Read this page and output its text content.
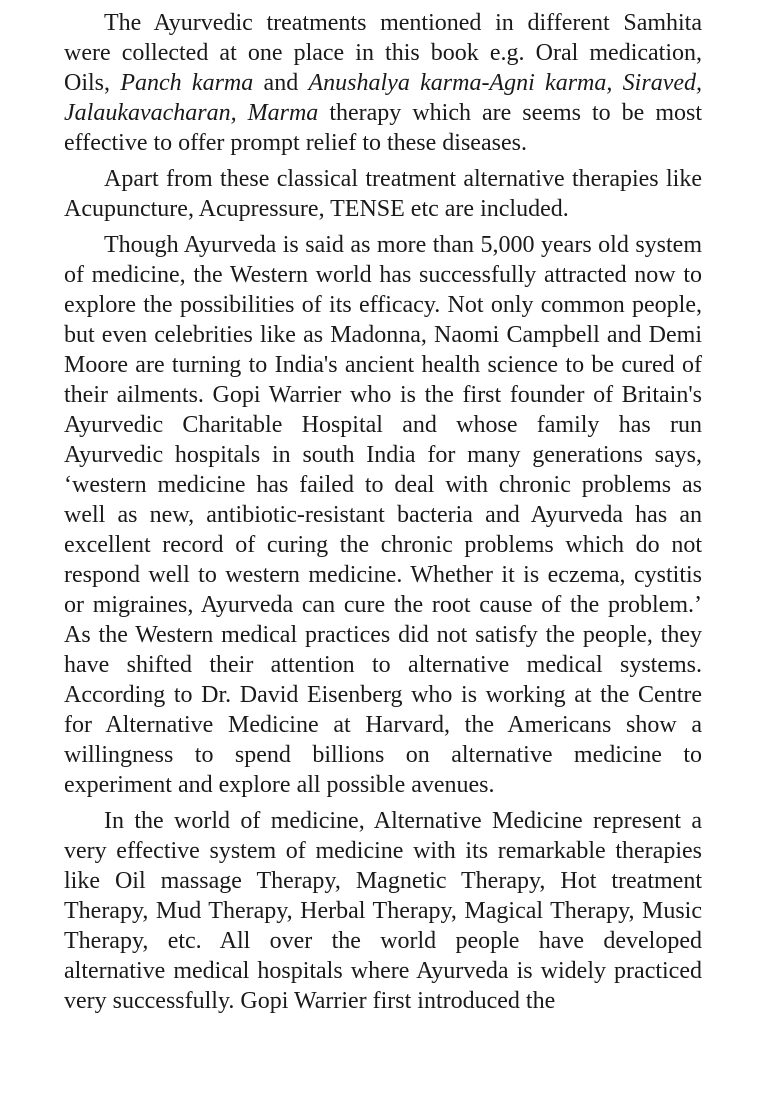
The Ayurvedic treatments mentioned in different Samhita were collected at one place in this book e.g. Oral medication, Oils, Panch karma and Anushalya karma-Agni karma, Siraved, Jalaukavacharan, Marma therapy which are seems to be most effective to offer prompt relief to these diseases.

Apart from these classical treatment alternative therapies like Acupuncture, Acupressure, TENSE etc are included.

Though Ayurveda is said as more than 5,000 years old system of medicine, the Western world has successfully attracted now to explore the possibilities of its efficacy. Not only common people, but even celebrities like as Madonna, Naomi Campbell and Demi Moore are turning to India's ancient health science to be cured of their ailments. Gopi Warrier who is the first founder of Britain's Ayurvedic Charitable Hospital and whose family has run Ayurvedic hospitals in south India for many generations says, ‘western medicine has failed to deal with chronic problems as well as new, antibiotic-resistant bacteria and Ayurveda has an excellent record of curing the chronic problems which do not respond well to western medicine. Whether it is eczema, cystitis or migraines, Ayurveda can cure the root cause of the problem.’ As the Western medical practices did not satisfy the people, they have shifted their attention to alternative medical systems. According to Dr. David Eisenberg who is working at the Centre for Alternative Medicine at Harvard, the Americans show a willingness to spend billions on alternative medicine to experiment and explore all possible avenues.

In the world of medicine, Alternative Medicine represent a very effective system of medicine with its remarkable therapies like Oil massage Therapy, Magnetic Therapy, Hot treatment Therapy, Mud Therapy, Herbal Therapy, Magical Therapy, Music Therapy, etc. All over the world people have developed alternative medical hospitals where Ayurveda is widely practiced very successfully. Gopi Warrier first introduced the
